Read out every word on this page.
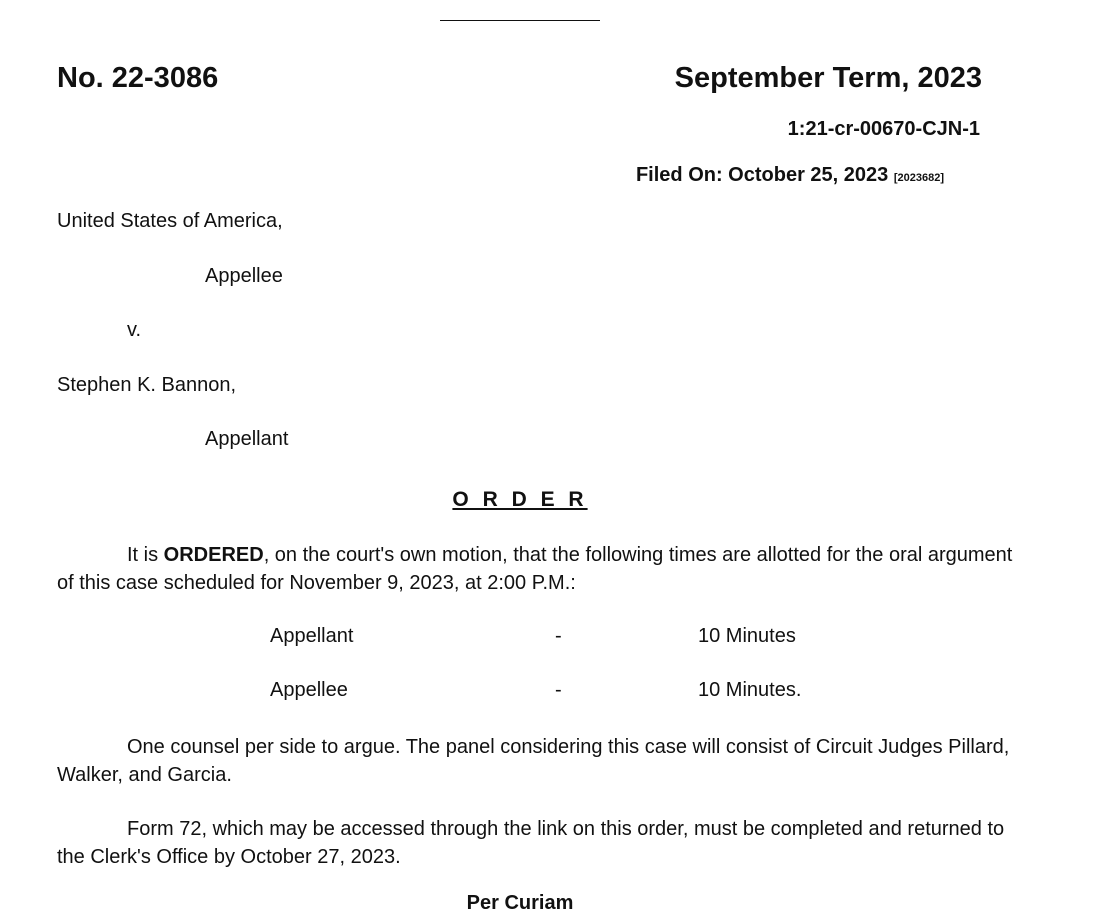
No. 22-3086	September Term, 2023
1:21-cr-00670-CJN-1
Filed On: October 25, 2023 [2023682]
United States of America,
Appellee
v.
Stephen K. Bannon,
Appellant
O R D E R
It is ORDERED, on the court's own motion, that the following times are allotted for the oral argument of this case scheduled for November 9, 2023, at 2:00 P.M.:
Appellant	-	10 Minutes
Appellee	-	10 Minutes.
One counsel per side to argue. The panel considering this case will consist of Circuit Judges Pillard, Walker, and Garcia.
Form 72, which may be accessed through the link on this order, must be completed and returned to the Clerk's Office by October 27, 2023.
Per Curiam
